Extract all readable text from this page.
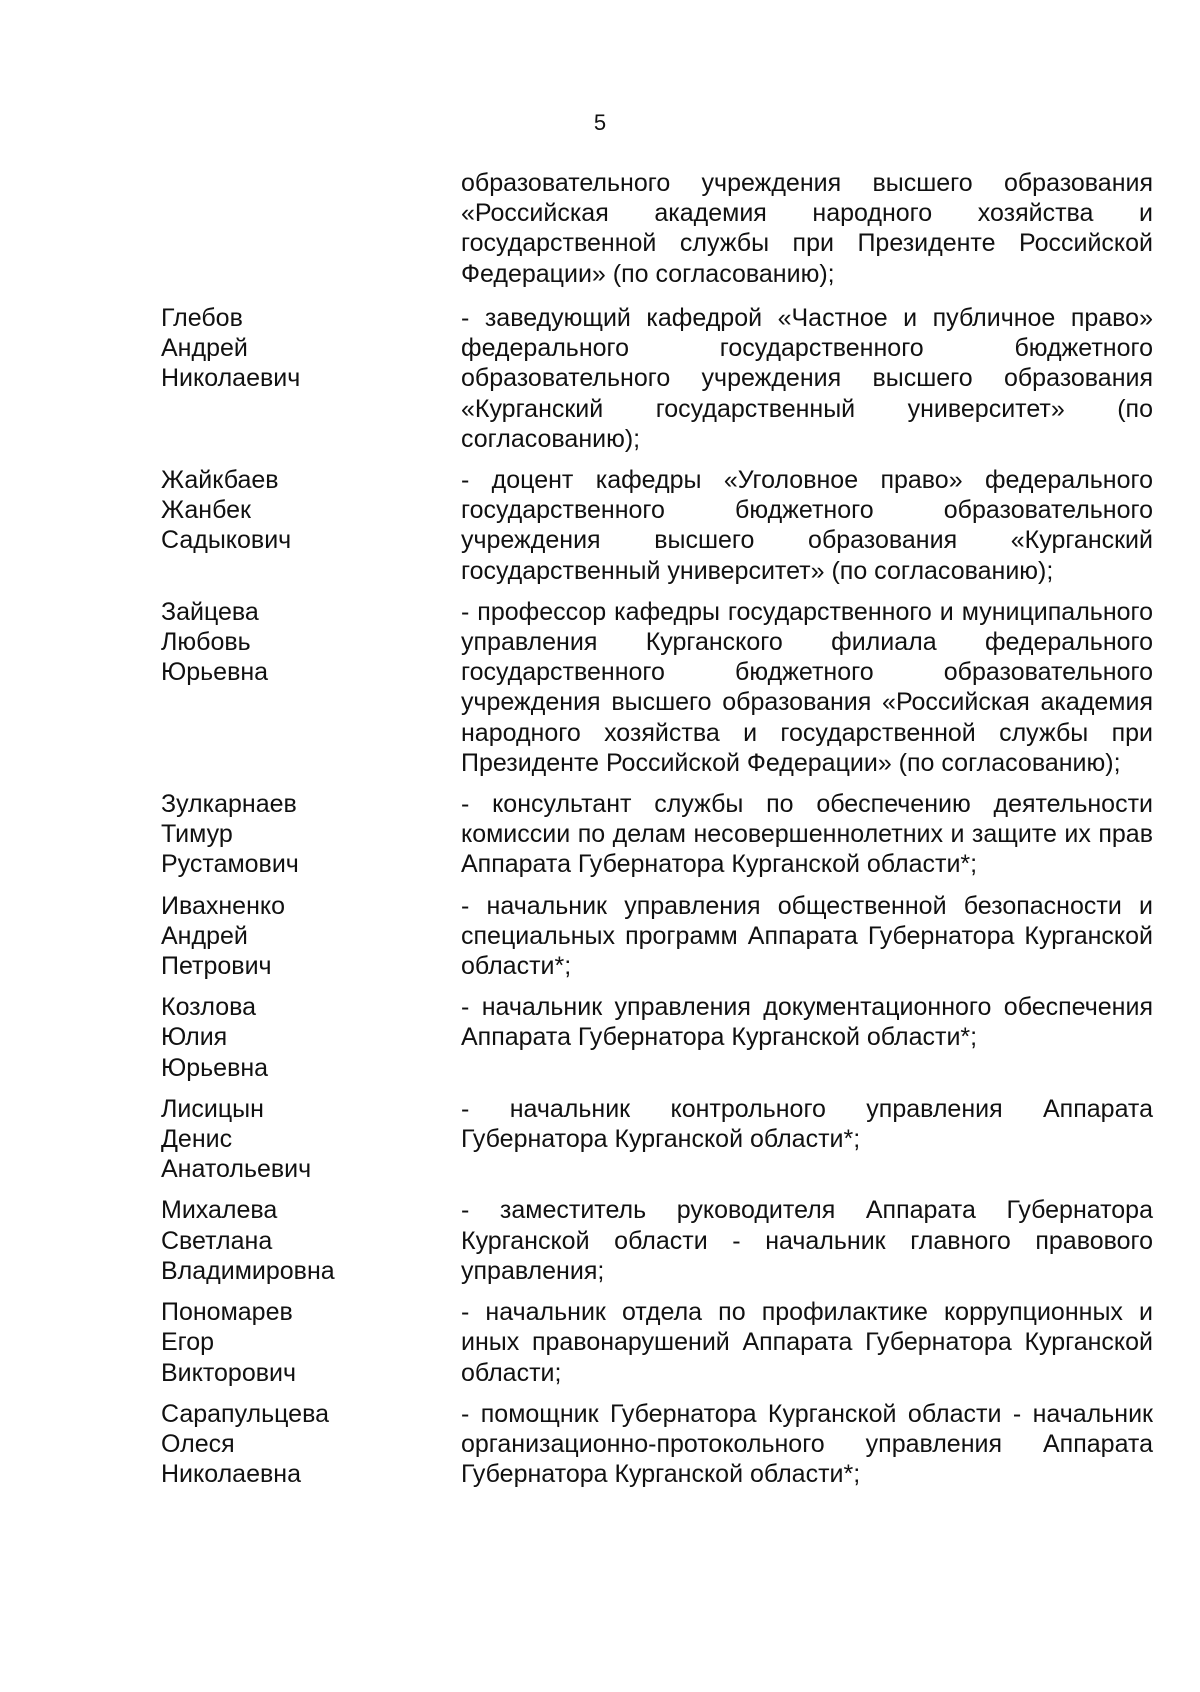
5
образовательного учреждения высшего образования «Российская академия народного хозяйства и государственной службы при Президенте Российской Федерации» (по согласованию);
Глебов
Андрей
Николаевич
- заведующий кафедрой «Частное и публичное право» федерального государственного бюджетного образовательного учреждения высшего образования «Курганский государственный университет» (по согласованию);
Жайкбаев
Жанбек
Садыкович
- доцент кафедры «Уголовное право» федерального государственного бюджетного образовательного учреждения высшего образования «Курганский государственный университет» (по согласованию);
Зайцева
Любовь
Юрьевна
- профессор кафедры государственного и муниципального управления Курганского филиала федерального государственного бюджетного образовательного учреждения высшего образования «Российская академия народного хозяйства и государственной службы при Президенте Российской Федерации» (по согласованию);
Зулкарнаев
Тимур
Рустамович
- консультант службы по обеспечению деятельности комиссии по делам несовершеннолетних и защите их прав Аппарата Губернатора Курганской области*;
Ивахненко
Андрей
Петрович
- начальник управления общественной безопасности и специальных программ Аппарата Губернатора Курганской области*;
Козлова
Юлия
Юрьевна
- начальник управления документационного обеспечения Аппарата Губернатора Курганской области*;
Лисицын
Денис
Анатольевич
- начальник контрольного управления Аппарата Губернатора Курганской области*;
Михалева
Светлана
Владимировна
- заместитель руководителя Аппарата Губернатора Курганской области - начальник главного правового управления;
Пономарев
Егор
Викторович
- начальник отдела по профилактике коррупционных и иных правонарушений Аппарата Губернатора Курганской области;
Сарапульцева
Олеся
Николаевна
- помощник Губернатора Курганской области - начальник организационно-протокольного управления Аппарата Губернатора Курганской области*;
